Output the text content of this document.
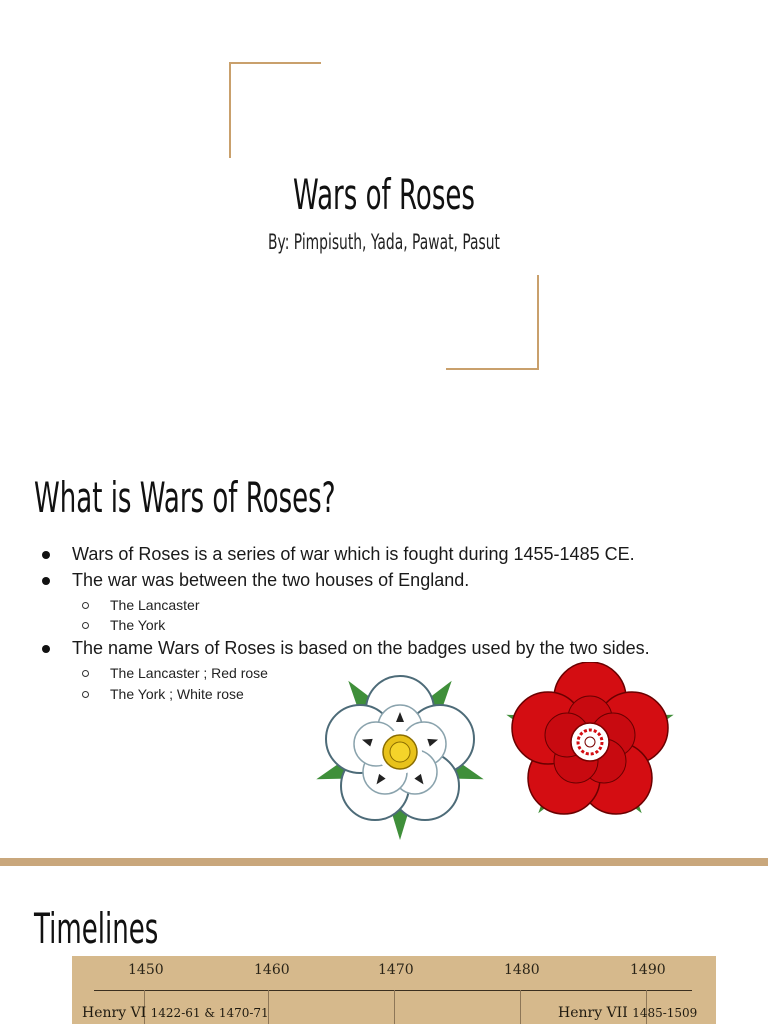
Wars of Roses

By: Pimpisuth, Yada, Pawat, Pasut

What is Wars of Roses?
Wars of Roses is a series of war which is fought during 1455-1485 CE.
The war was between the two houses of England.
The Lancaster
The York
The name Wars of Roses is based on the badges used by the two sides.
The Lancaster ; Red rose
The York ; White rose
Timelines
1450	1460	1470	1480	1490
Henry VI 1422-61 & 1470-71	Henry VII 1485-1509
